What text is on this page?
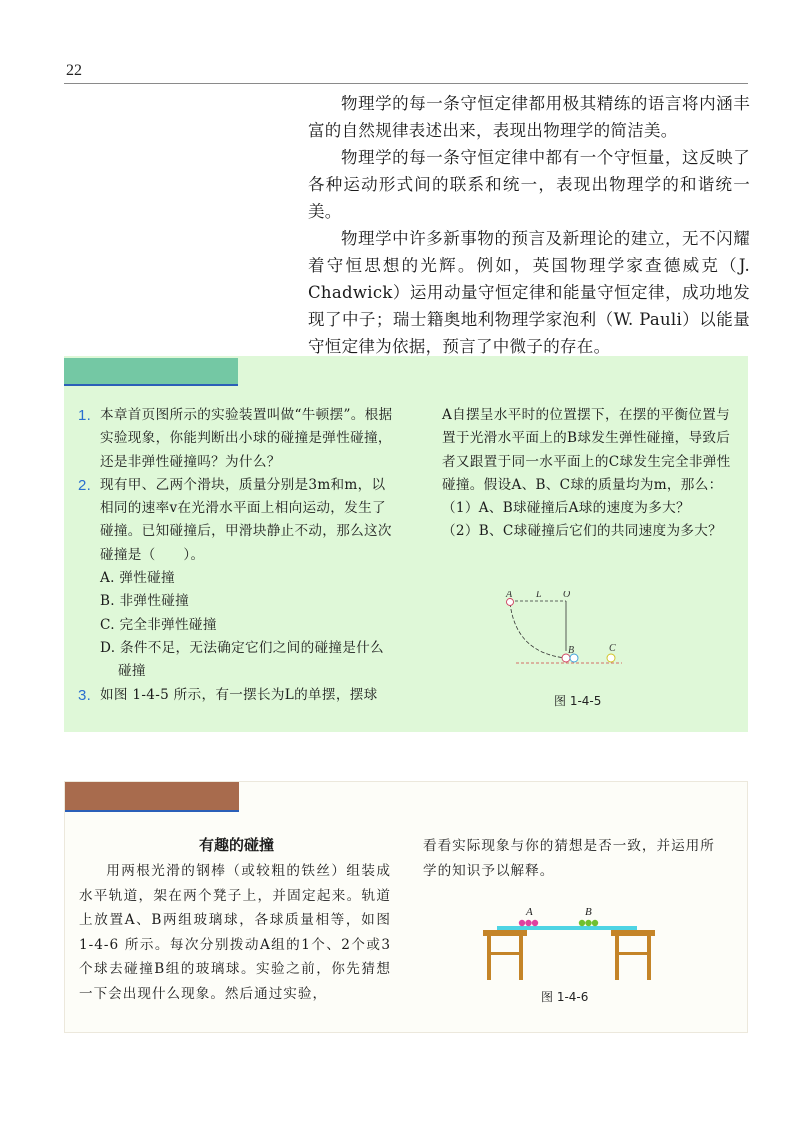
22

物理学的每一条守恒定律都用极其精练的语言将内涵丰富的自然规律表述出来，表现出物理学的简洁美。

物理学的每一条守恒定律中都有一个守恒量，这反映了各种运动形式间的联系和统一，表现出物理学的和谐统一美。

物理学中许多新事物的预言及新理论的建立，无不闪耀着守恒思想的光辉。例如，英国物理学家查德威克（J. Chadwick）运用动量守恒定律和能量守恒定律，成功地发现了中子；瑞士籍奥地利物理学家泡利（W. Pauli）以能量守恒定律为依据，预言了中微子的存在。

1. 本章首页图所示的实验装置叫做“牛顿摆”。根据实验现象，你能判断出小球的碰撞是弹性碰撞，还是非弹性碰撞吗？为什么？
2. 现有甲、乙两个滑块，质量分别是3m和m，以相同的速率v在光滑水平面上相向运动，发生了碰撞。已知碰撞后，甲滑块静止不动，那么这次碰撞是（　　）。
A. 弹性碰撞
B. 非弹性碰撞
C. 完全非弹性碰撞
D. 条件不足，无法确定它们之间的碰撞是什么碰撞
3. 如图 1-4-5 所示，有一摆长为L的单摆，摆球
A自摆呈水平时的位置摆下，在摆的平衡位置与置于光滑水平面上的B球发生弹性碰撞，导致后者又跟置于同一水平面上的C球发生完全非弹性碰撞。假设A、B、C球的质量均为m，那么：
（1）A、B球碰撞后A球的速度为多大？
（2）B、C球碰撞后它们的共同速度为多大？
A L O
B	C
图 1-4-5
有趣的碰撞
用两根光滑的钢棒（或较粗的铁丝）组装成水平轨道，架在两个凳子上，并固定起来。轨道上放置A、B两组玻璃球，各球质量相等，如图 1-4-6 所示。每次分别拨动A组的1个、2个或3个球去碰撞B组的玻璃球。实验之前，你先猜想一下会出现什么现象。然后通过实验，
看看实际现象与你的猜想是否一致，并运用所学的知识予以解释。
A	B
图 1-4-6
